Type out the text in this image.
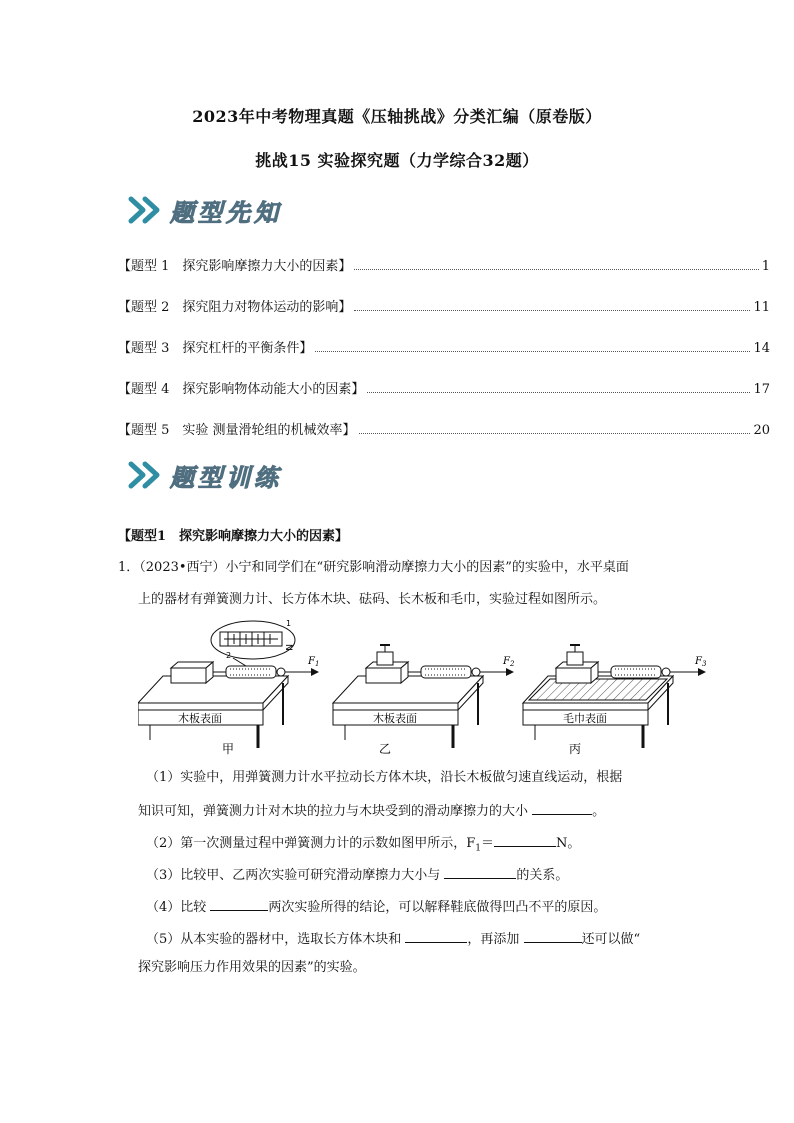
2023年中考物理真题《压轴挑战》分类汇编（原卷版）
挑战15 实验探究题（力学综合32题）
题型先知
【题型 1　探究影响摩擦力大小的因素】	1
【题型 2　探究阻力对物体运动的影响】	11
【题型 3　探究杠杆的平衡条件】	14
【题型 4　探究影响物体动能大小的因素】	17
【题型 5　实验 测量滑轮组的机械效率】	20
题型训练
【题型1　探究影响摩擦力大小的因素】
1．（2023•西宁）小宁和同学们在“研究影响滑动摩擦力大小的因素”的实验中，水平桌面
上的器材有弹簧测力计、长方体木块、砝码、长木板和毛巾，实验过程如图所示。
木板表面
$F_1$
N
1
2
甲
木板表面
$F_2$
乙
毛巾表面
$F_3$
丙
（1）实验中，用弹簧测力计水平拉动长方体木块，沿长木板做匀速直线运动，根据
知识可知，弹簧测力计对木块的拉力与木块受到的滑动摩擦力的大小	。
（2）第一次测量过程中弹簧测力计的示数如图甲所示，$F_1=$	N。
（3）比较甲、乙两次实验可研究滑动摩擦力大小与	的关系。
（4）比较	两次实验所得的结论，可以解释鞋底做得凹凸不平的原因。
（5）从本实验的器材中，选取长方体木块和	，再添加	还可以做“
探究影响压力作用效果的因素”的实验。
